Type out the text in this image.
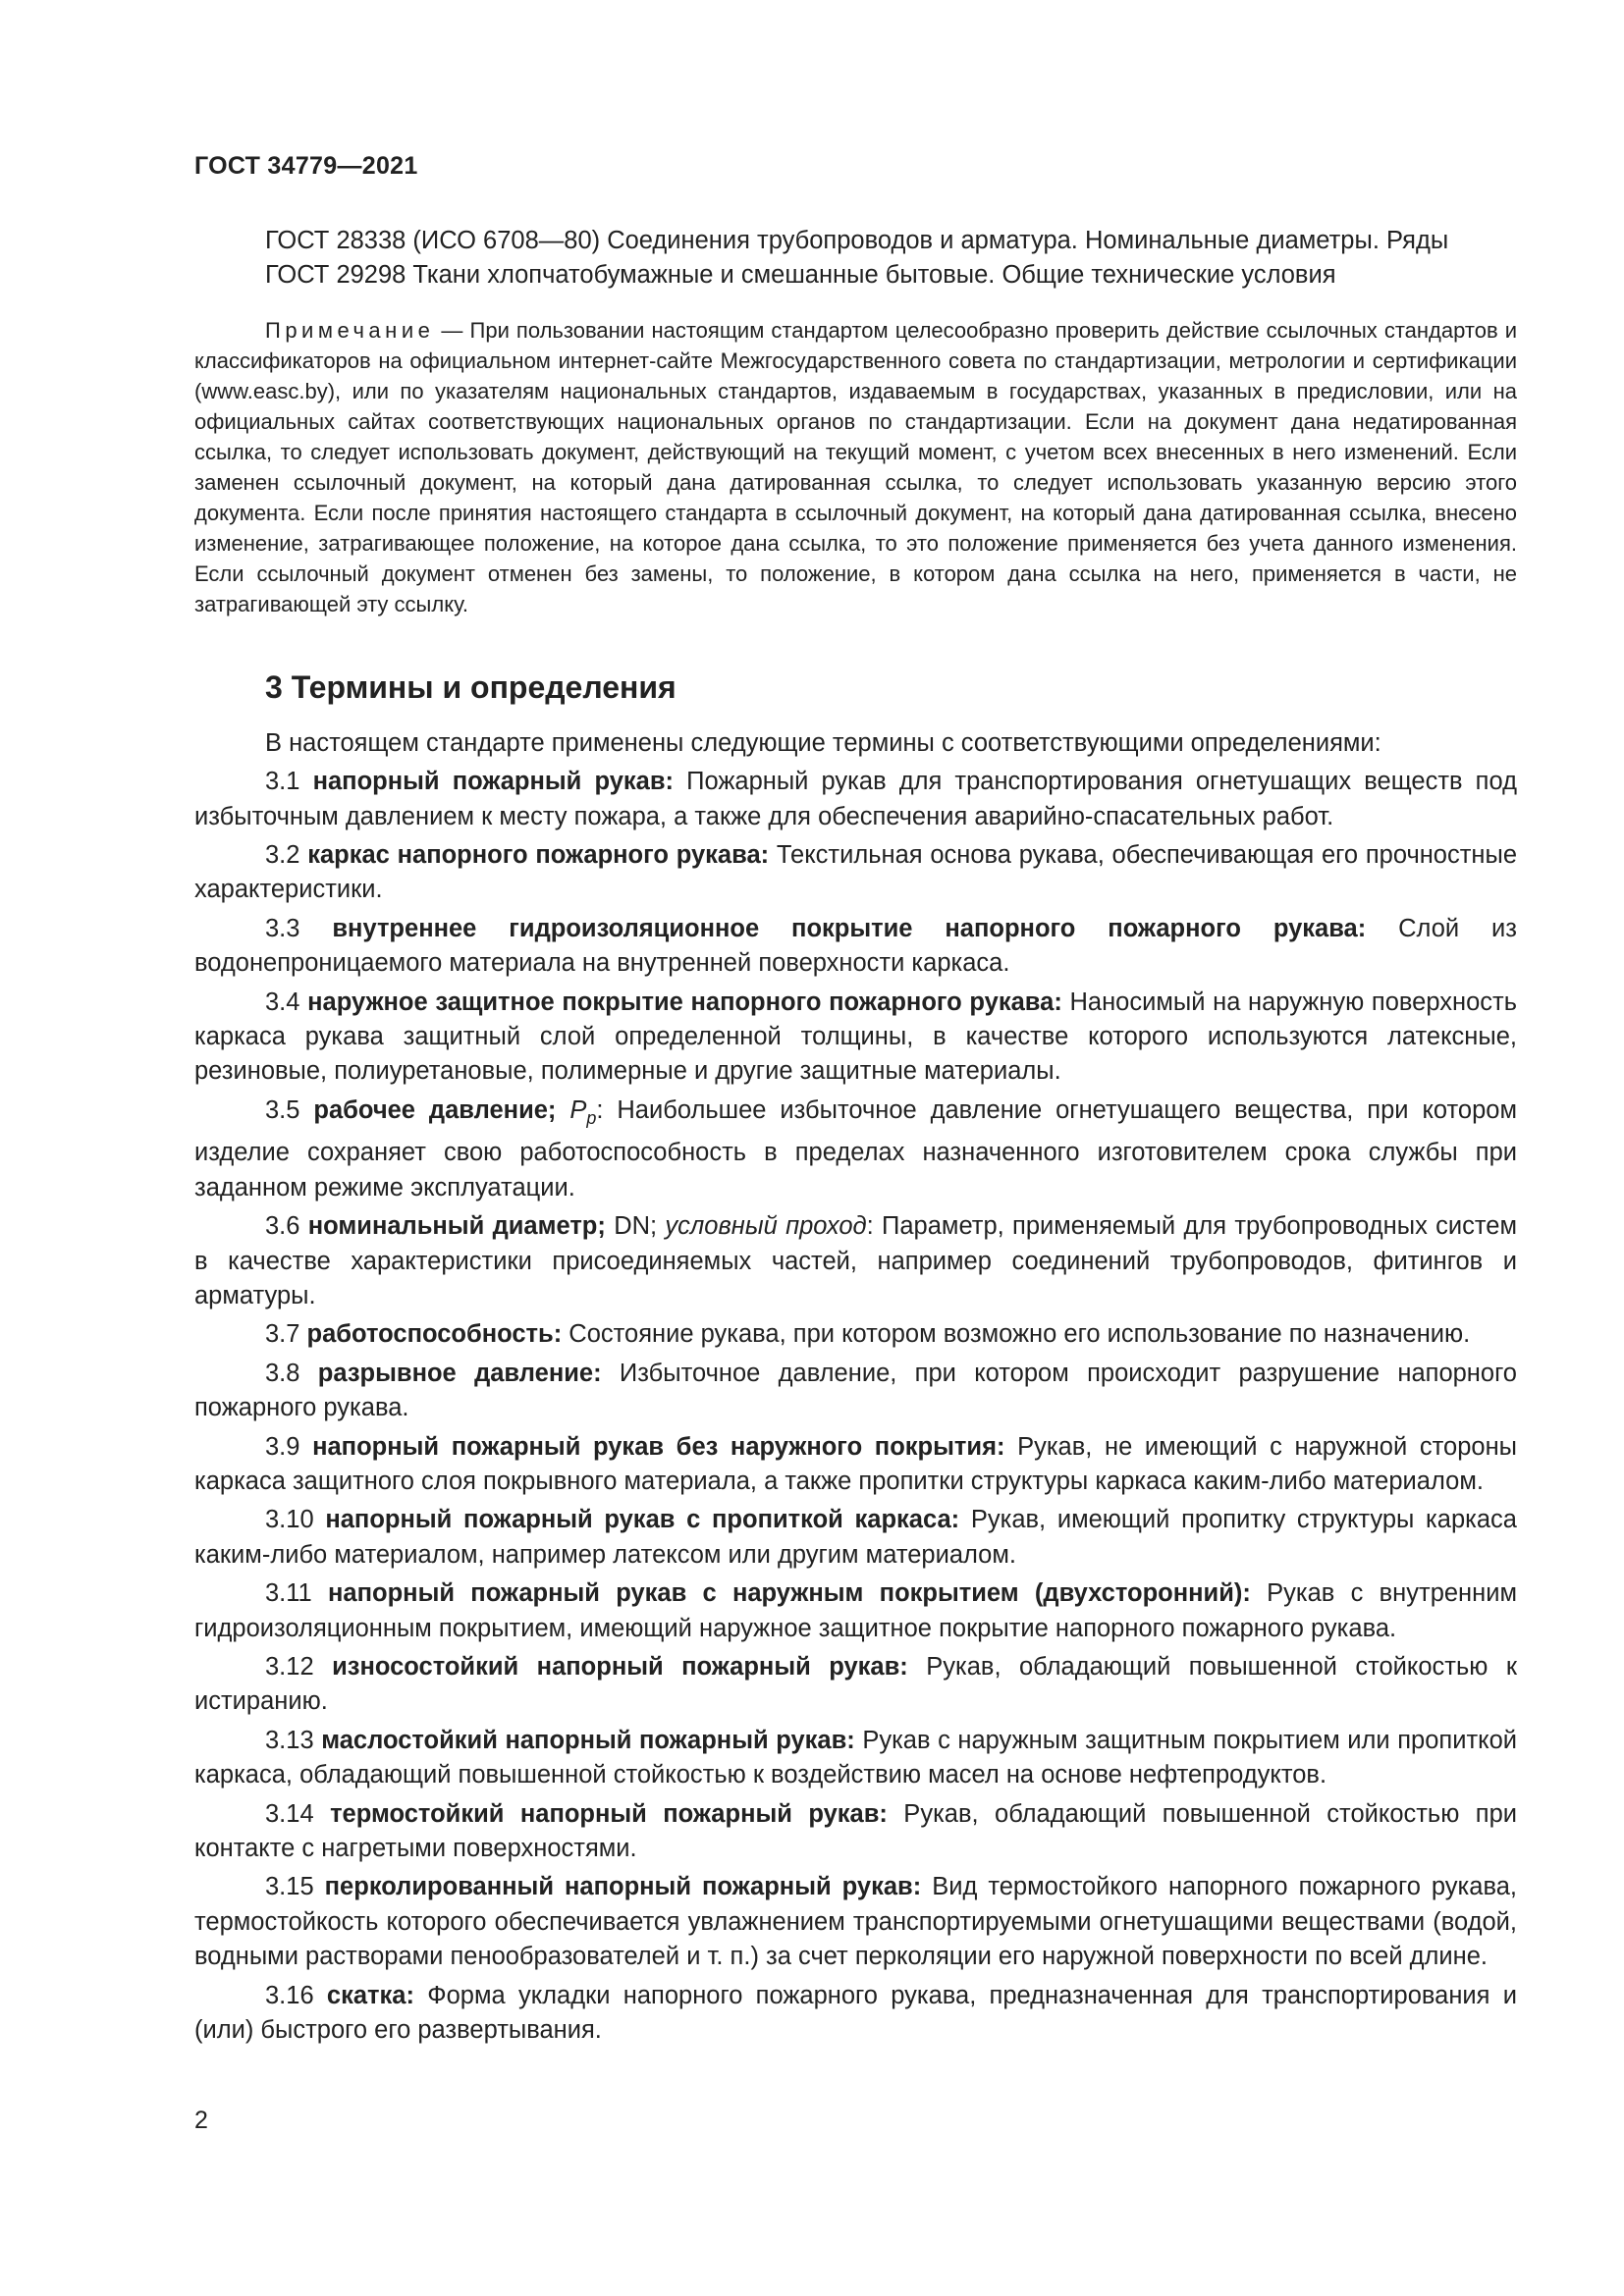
ГОСТ 34779—2021

ГОСТ 28338 (ИСО 6708—80) Соединения трубопроводов и арматура. Номинальные диаметры. Ряды

ГОСТ 29298 Ткани хлопчатобумажные и смешанные бытовые. Общие технические условия

Примечание — При пользовании настоящим стандартом целесообразно проверить действие ссылочных стандартов и классификаторов на официальном интернет-сайте Межгосударственного совета по стандартизации, метрологии и сертификации (www.easc.by), или по указателям национальных стандартов, издаваемым в государствах, указанных в предисловии, или на официальных сайтах соответствующих национальных органов по стандартизации. Если на документ дана недатированная ссылка, то следует использовать документ, действующий на текущий момент, с учетом всех внесенных в него изменений. Если заменен ссылочный документ, на который дана датированная ссылка, то следует использовать указанную версию этого документа. Если после принятия настоящего стандарта в ссылочный документ, на который дана датированная ссылка, внесено изменение, затрагивающее положение, на которое дана ссылка, то это положение применяется без учета данного изменения. Если ссылочный документ отменен без замены, то положение, в котором дана ссылка на него, применяется в части, не затрагивающей эту ссылку.
3 Термины и определения

В настоящем стандарте применены следующие термины с соответствующими определениями:

3.1 напорный пожарный рукав: Пожарный рукав для транспортирования огнетушащих веществ под избыточным давлением к месту пожара, а также для обеспечения аварийно-спасательных работ.

3.2 каркас напорного пожарного рукава: Текстильная основа рукава, обеспечивающая его прочностные характеристики.

3.3 внутреннее гидроизоляционное покрытие напорного пожарного рукава: Слой из водонепроницаемого материала на внутренней поверхности каркаса.

3.4 наружное защитное покрытие напорного пожарного рукава: Наносимый на наружную поверхность каркаса рукава защитный слой определенной толщины, в качестве которого используются латексные, резиновые, полиуретановые, полимерные и другие защитные материалы.

3.5 рабочее давление; $P_p$: Наибольшее избыточное давление огнетушащего вещества, при котором изделие сохраняет свою работоспособность в пределах назначенного изготовителем срока службы при заданном режиме эксплуатации.

3.6 номинальный диаметр; DN; условный проход: Параметр, применяемый для трубопроводных систем в качестве характеристики присоединяемых частей, например соединений трубопроводов, фитингов и арматуры.

3.7 работоспособность: Состояние рукава, при котором возможно его использование по назначению.

3.8 разрывное давление: Избыточное давление, при котором происходит разрушение напорного пожарного рукава.

3.9 напорный пожарный рукав без наружного покрытия: Рукав, не имеющий с наружной стороны каркаса защитного слоя покрывного материала, а также пропитки структуры каркаса каким-либо материалом.

3.10 напорный пожарный рукав с пропиткой каркаса: Рукав, имеющий пропитку структуры каркаса каким-либо материалом, например латексом или другим материалом.

3.11 напорный пожарный рукав с наружным покрытием (двухсторонний): Рукав с внутренним гидроизоляционным покрытием, имеющий наружное защитное покрытие напорного пожарного рукава.

3.12 износостойкий напорный пожарный рукав: Рукав, обладающий повышенной стойкостью к истиранию.

3.13 маслостойкий напорный пожарный рукав: Рукав с наружным защитным покрытием или пропиткой каркаса, обладающий повышенной стойкостью к воздействию масел на основе нефтепродуктов.

3.14 термостойкий напорный пожарный рукав: Рукав, обладающий повышенной стойкостью при контакте с нагретыми поверхностями.

3.15 перколированный напорный пожарный рукав: Вид термостойкого напорного пожарного рукава, термостойкость которого обеспечивается увлажнением транспортируемыми огнетушащими веществами (водой, водными растворами пенообразователей и т. п.) за счет перколяции его наружной поверхности по всей длине.

3.16 скатка: Форма укладки напорного пожарного рукава, предназначенная для транспортирования и (или) быстрого его развертывания.

2
